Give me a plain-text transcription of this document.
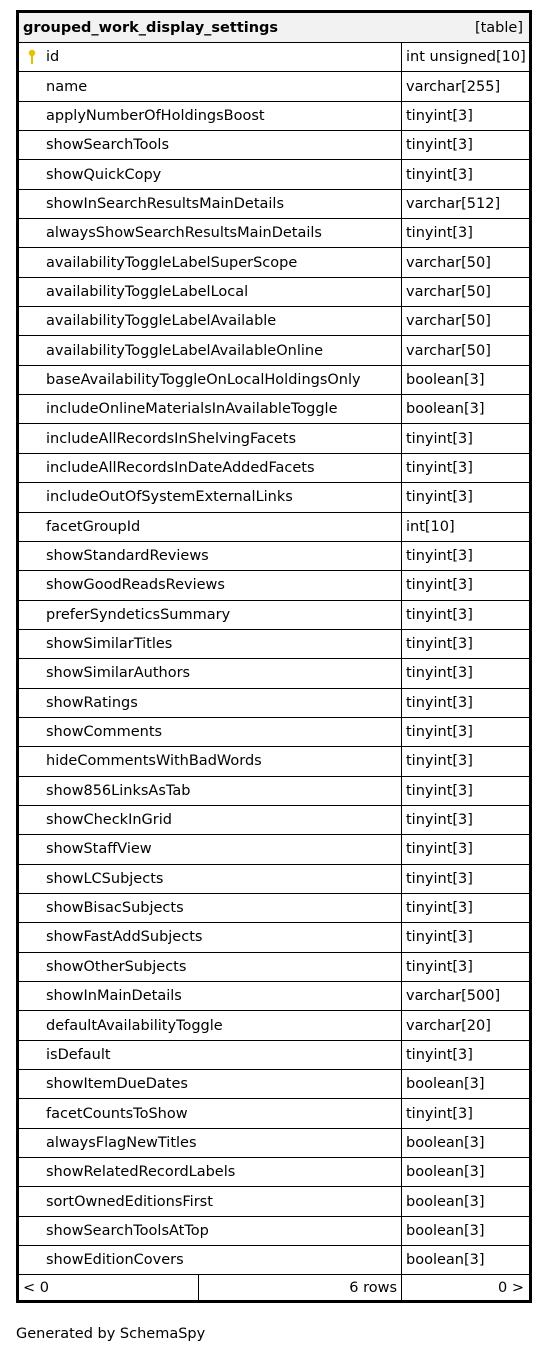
grouped_work_display_settings	[table]
id	int unsigned[10]
name	varchar[255]
applyNumberOfHoldingsBoost	tinyint[3]
showSearchTools	tinyint[3]
showQuickCopy	tinyint[3]
showInSearchResultsMainDetails	varchar[512]
alwaysShowSearchResultsMainDetails	tinyint[3]
availabilityToggleLabelSuperScope	varchar[50]
availabilityToggleLabelLocal	varchar[50]
availabilityToggleLabelAvailable	varchar[50]
availabilityToggleLabelAvailableOnline	varchar[50]
baseAvailabilityToggleOnLocalHoldingsOnly	boolean[3]
includeOnlineMaterialsInAvailableToggle	boolean[3]
includeAllRecordsInShelvingFacets	tinyint[3]
includeAllRecordsInDateAddedFacets	tinyint[3]
includeOutOfSystemExternalLinks	tinyint[3]
facetGroupId	int[10]
showStandardReviews	tinyint[3]
showGoodReadsReviews	tinyint[3]
preferSyndeticsSummary	tinyint[3]
showSimilarTitles	tinyint[3]
showSimilarAuthors	tinyint[3]
showRatings	tinyint[3]
showComments	tinyint[3]
hideCommentsWithBadWords	tinyint[3]
show856LinksAsTab	tinyint[3]
showCheckInGrid	tinyint[3]
showStaffView	tinyint[3]
showLCSubjects	tinyint[3]
showBisacSubjects	tinyint[3]
showFastAddSubjects	tinyint[3]
showOtherSubjects	tinyint[3]
showInMainDetails	varchar[500]
defaultAvailabilityToggle	varchar[20]
isDefault	tinyint[3]
showItemDueDates	boolean[3]
facetCountsToShow	tinyint[3]
alwaysFlagNewTitles	boolean[3]
showRelatedRecordLabels	boolean[3]
sortOwnedEditionsFirst	boolean[3]
showSearchToolsAtTop	boolean[3]
showEditionCovers	boolean[3]
< 0	6 rows	0 >
Generated by SchemaSpy
